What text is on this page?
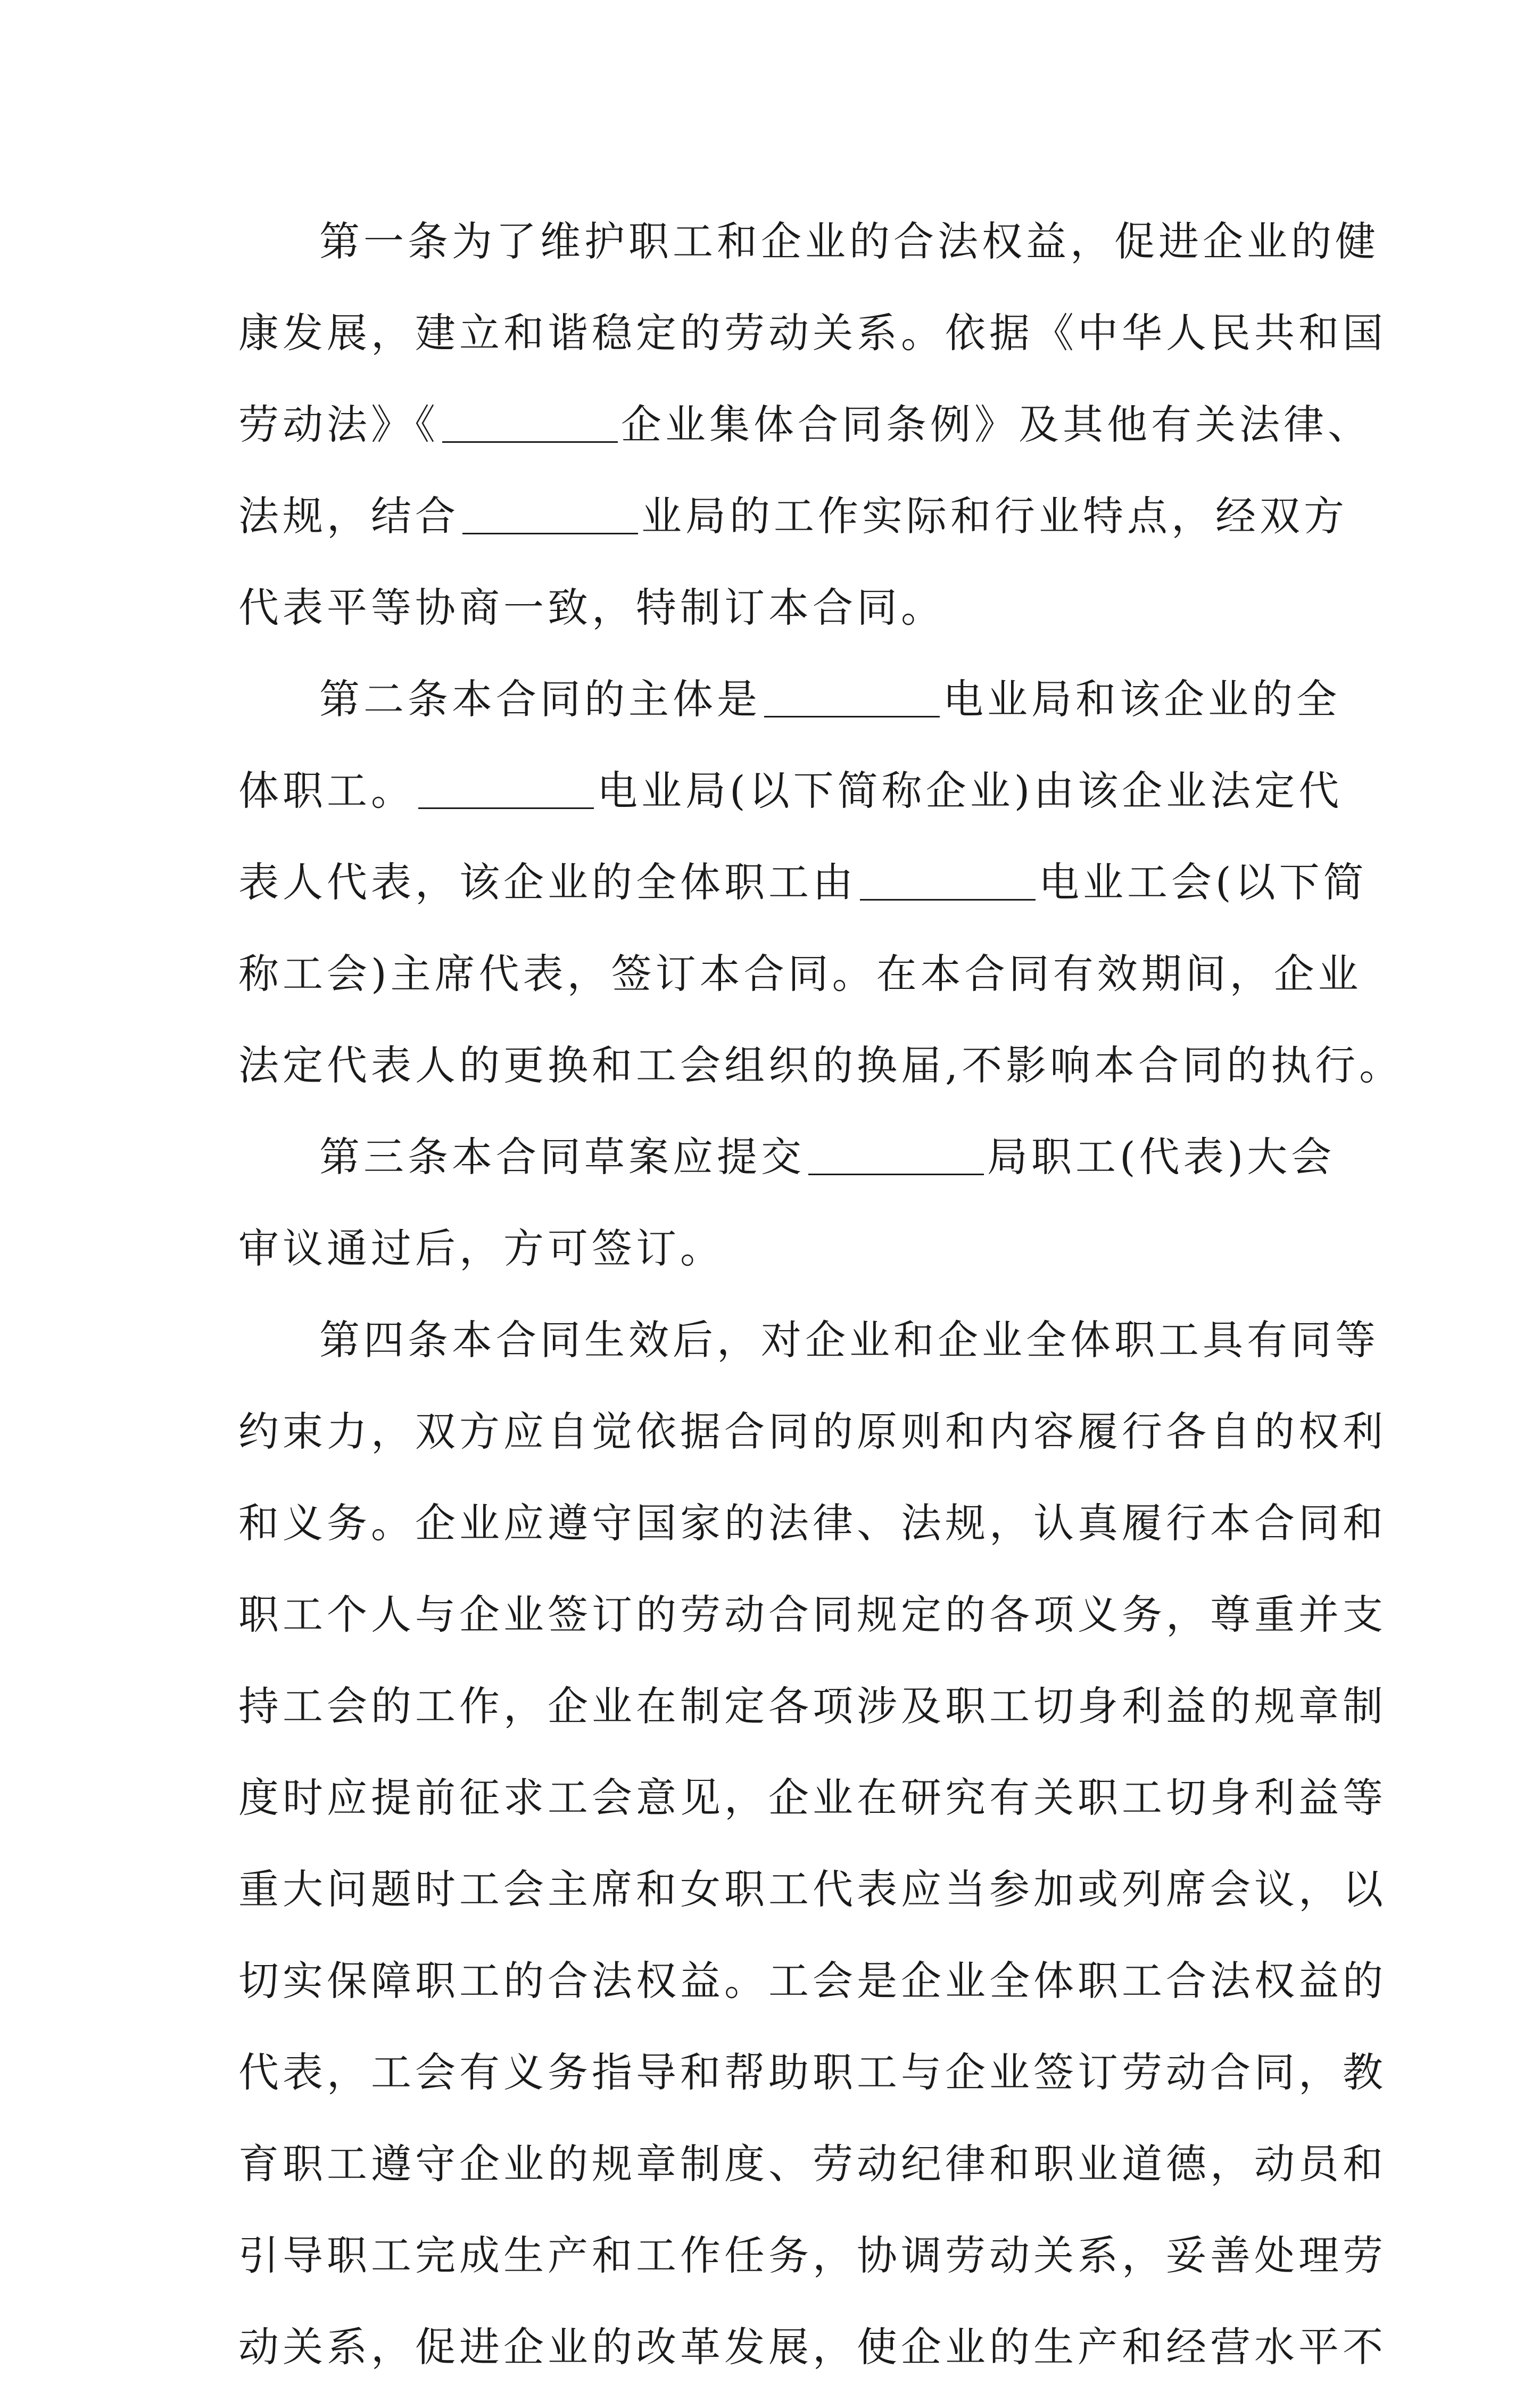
第一条为了维护职工和企业的合法权益，促进企业的健
康发展，建立和谐稳定的劳动关系。依据《中华人民共和国
劳动法》《	企业集体合同条例》及其他有关法律、
法规，结合	业局的工作实际和行业特点，经双方
代表平等协商一致，特制订本合同。
第二条本合同的主体是	电业局和该企业的全
体职工。	电业局(以下简称企业)由该企业法定代
表人代表，该企业的全体职工由	电业工会(以下简
称工会)主席代表，签订本合同。在本合同有效期间，企业
法定代表人的更换和工会组织的换届,不影响本合同的执行。
第三条本合同草案应提交	局职工(代表)大会
审议通过后，方可签订。
第四条本合同生效后，对企业和企业全体职工具有同等
约束力，双方应自觉依据合同的原则和内容履行各自的权利
和义务。企业应遵守国家的法律、法规，认真履行本合同和
职工个人与企业签订的劳动合同规定的各项义务，尊重并支
持工会的工作，企业在制定各项涉及职工切身利益的规章制
度时应提前征求工会意见，企业在研究有关职工切身利益等
重大问题时工会主席和女职工代表应当参加或列席会议，以
切实保障职工的合法权益。工会是企业全体职工合法权益的
代表，工会有义务指导和帮助职工与企业签订劳动合同，教
育职工遵守企业的规章制度、劳动纪律和职业道德，动员和
引导职工完成生产和工作任务，协调劳动关系，妥善处理劳
动关系，促进企业的改革发展，使企业的生产和经营水平不
